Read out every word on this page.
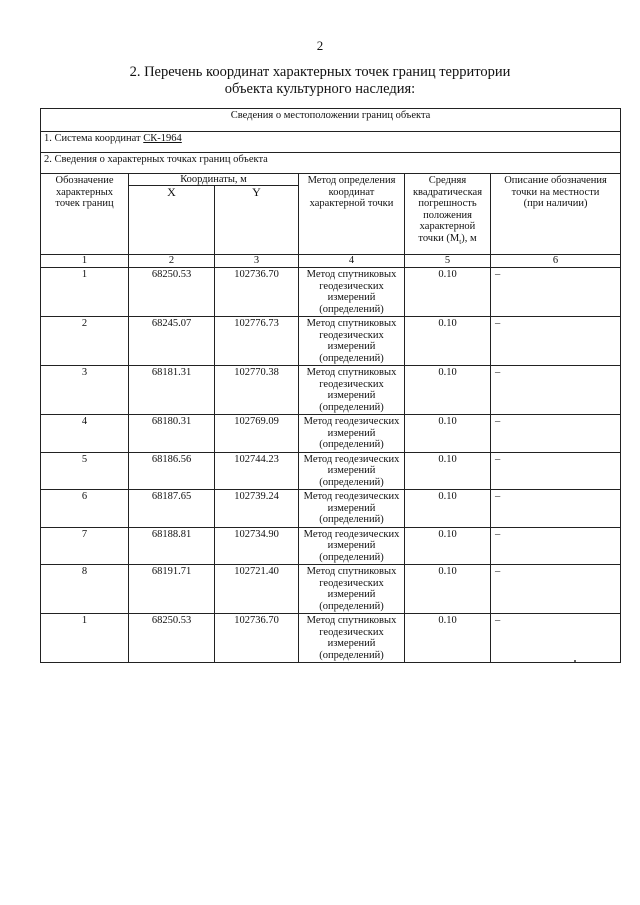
2
2. Перечень координат характерных точек границ территории
объекта культурного наследия:
Сведения о местоположении границ объекта					
1. Система координат СК-1964					
2. Сведения о характерных точках границ объекта					
Обозначение характерных точек границ	Координаты, м		Метод определения координат характерной точки	Средняя квадратическая погрешность положения характерной точки $(M_t)$, м	Описание обозначения точки на местности (при наличии)
	X	Y			
1	2	3	4	5	6
1	68250.53	102736.70	Метод спутниковых геодезических измерений (определений)	0.10	–
2	68245.07	102776.73	Метод спутниковых геодезических измерений (определений)	0.10	–
3	68181.31	102770.38	Метод спутниковых геодезических измерений (определений)	0.10	–
4	68180.31	102769.09	Метод геодезических измерений (определений)	0.10	–
5	68186.56	102744.23	Метод геодезических измерений (определений)	0.10	–
6	68187.65	102739.24	Метод геодезических измерений (определений)	0.10	–
7	68188.81	102734.90	Метод геодезических измерений (определений)	0.10	–
8	68191.71	102721.40	Метод спутниковых геодезических измерений (определений)	0.10	–
1	68250.53	102736.70	Метод спутниковых геодезических измерений (определений)	0.10	–
